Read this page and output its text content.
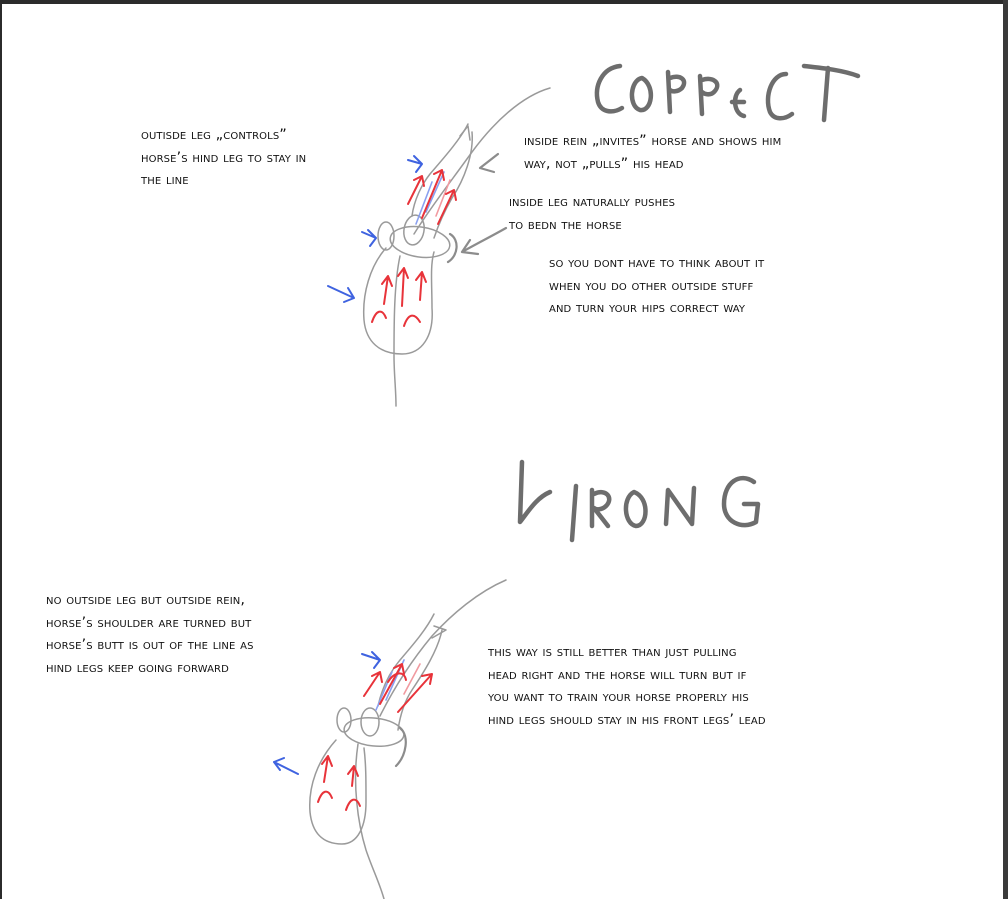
outisde leg „controls”
horse’s hind leg to stay in
the line
inside rein „invites” horse and shows him
way, not „pulls” his head
inside leg naturally pushes
to bedn the horse
so you dont have to think about it
when you do other outside stuff
and turn your hips correct way
no outside leg but outside rein,
horse’s shoulder are turned but
horse’s butt is out of the line as
hind legs keep going forward
this way is still better than just pulling
head right and the horse will turn but if
you want to train your horse properly his
hind legs should stay in his front legs’ lead
